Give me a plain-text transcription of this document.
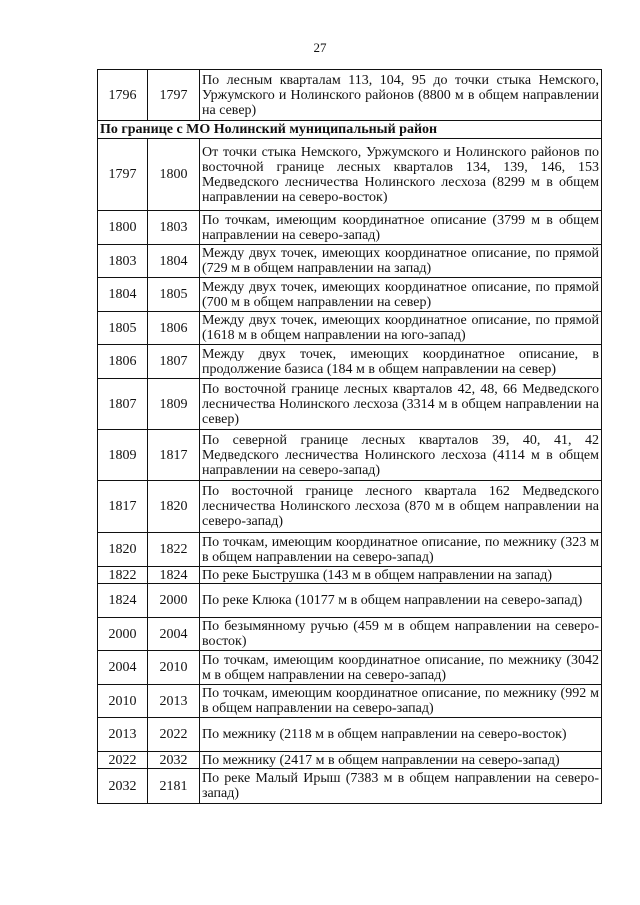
27
1796	1797	По лесным кварталам 113, 104, 95 до точки стыка Немского, Уржумского и Нолинского районов (8800 м в общем направлении на север)
По границе с МО Нолинский муниципальный район		
1797	1800	От точки стыка Немского, Уржумского и Нолинского районов по восточной границе лесных кварталов 134, 139, 146, 153 Медведского лесничества Нолинского лесхоза (8299 м в общем направлении на северо-восток)
1800	1803	По точкам, имеющим координатное описание (3799 м в общем направлении на северо-запад)
1803	1804	Между двух точек, имеющих координатное описание, по прямой (729 м в общем направлении на запад)
1804	1805	Между двух точек, имеющих координатное описание, по прямой (700 м в общем направлении на север)
1805	1806	Между двух точек, имеющих координатное описание, по прямой (1618 м в общем направлении на юго-запад)
1806	1807	Между двух точек, имеющих координатное описание, в продолжение базиса (184 м в общем направлении на север)
1807	1809	По восточной границе лесных кварталов 42, 48, 66 Медведского лесничества Нолинского лесхоза (3314 м в общем направлении на север)
1809	1817	По северной границе лесных кварталов 39, 40, 41, 42 Медведского лесничества Нолинского лесхоза (4114 м в общем направлении на северо-запад)
1817	1820	По восточной границе лесного квартала 162 Медведского лесничества Нолинского лесхоза (870 м в общем направлении на северо-запад)
1820	1822	По точкам, имеющим координатное описание, по межнику (323 м в общем направлении на северо-запад)
1822	1824	По реке Быструшка (143 м в общем направлении на запад)
1824	2000	По реке Клюка (10177 м в общем направлении на северо-запад)
2000	2004	По безымянному ручью (459 м в общем направлении на северо-восток)
2004	2010	По точкам, имеющим координатное описание, по межнику (3042 м в общем направлении на северо-запад)
2010	2013	По точкам, имеющим координатное описание, по межнику (992 м в общем направлении на северо-запад)
2013	2022	По межнику (2118 м в общем направлении на северо-восток)
2022	2032	По межнику (2417 м в общем направлении на северо-запад)
2032	2181	По реке Малый Ирыш (7383 м в общем направлении на северо-запад)
